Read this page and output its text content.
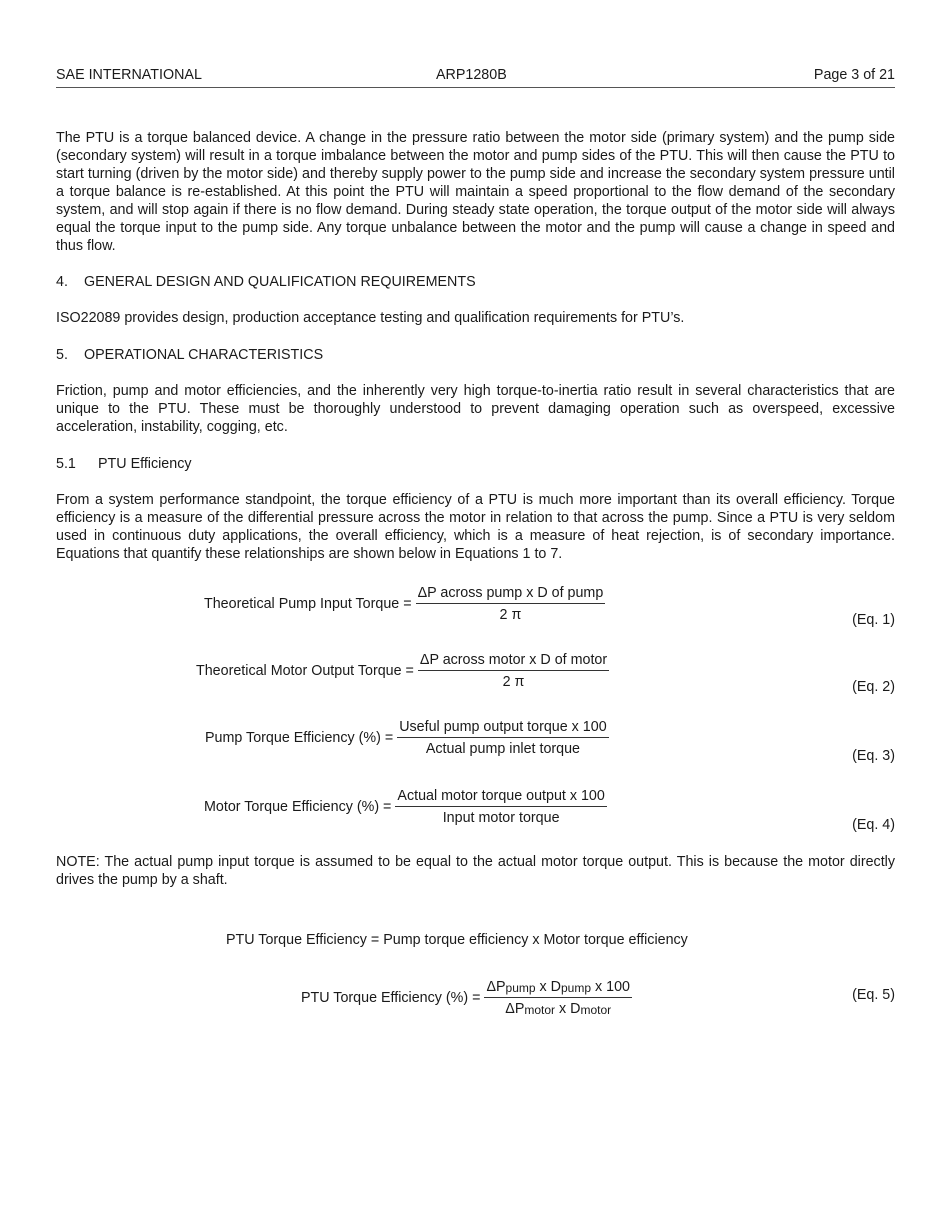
SAE INTERNATIONAL	ARP1280B	Page 3 of 21

The PTU is a torque balanced device. A change in the pressure ratio between the motor side (primary system) and the pump side (secondary system) will result in a torque imbalance between the motor and pump sides of the PTU. This will then cause the PTU to start turning (driven by the motor side) and thereby supply power to the pump side and increase the secondary system pressure until a torque balance is re-established. At this point the PTU will maintain a speed proportional to the flow demand of the secondary system, and will stop again if there is no flow demand. During steady state operation, the torque output of the motor side will always equal the torque input to the pump side. Any torque unbalance between the motor and the pump will cause a change in speed and thus flow.

4. GENERAL DESIGN AND QUALIFICATION REQUIREMENTS

ISO22089 provides design, production acceptance testing and qualification requirements for PTU’s.

5. OPERATIONAL CHARACTERISTICS

Friction, pump and motor efficiencies, and the inherently very high torque-to-inertia ratio result in several characteristics that are unique to the PTU. These must be thoroughly understood to prevent damaging operation such as overspeed, excessive acceleration, instability, cogging, etc.

5.1 PTU Efficiency

From a system performance standpoint, the torque efficiency of a PTU is much more important than its overall efficiency. Torque efficiency is a measure of the differential pressure across the motor in relation to that across the pump. Since a PTU is very seldom used in continuous duty applications, the overall efficiency, which is a measure of heat rejection, is of secondary importance. Equations that quantify these relationships are shown below in Equations 1 to 7.

Theoretical Pump Input Torque = $\frac{\text{ΔP across pump x D of pump}}{2 \pi}$	(Eq. 1)
Theoretical Motor Output Torque = $\frac{\text{ΔP across motor x D of motor}}{2 \pi}$	(Eq. 2)
Pump Torque Efficiency (%) = $\frac{\text{Useful pump output torque x 100}}{\text{Actual pump inlet torque}}$	(Eq. 3)
Motor Torque Efficiency (%) = $\frac{\text{Actual motor torque output x 100}}{\text{Input motor torque}}$	(Eq. 4)

NOTE: The actual pump input torque is assumed to be equal to the actual motor torque output. This is because the motor directly drives the pump by a shaft.

PTU Torque Efficiency = Pump torque efficiency x Motor torque efficiency
PTU Torque Efficiency (%) = $\frac{\Delta P_{pump} x D_{pump} x 100}{\Delta P_{motor} x D_{motor}}$	(Eq. 5)
